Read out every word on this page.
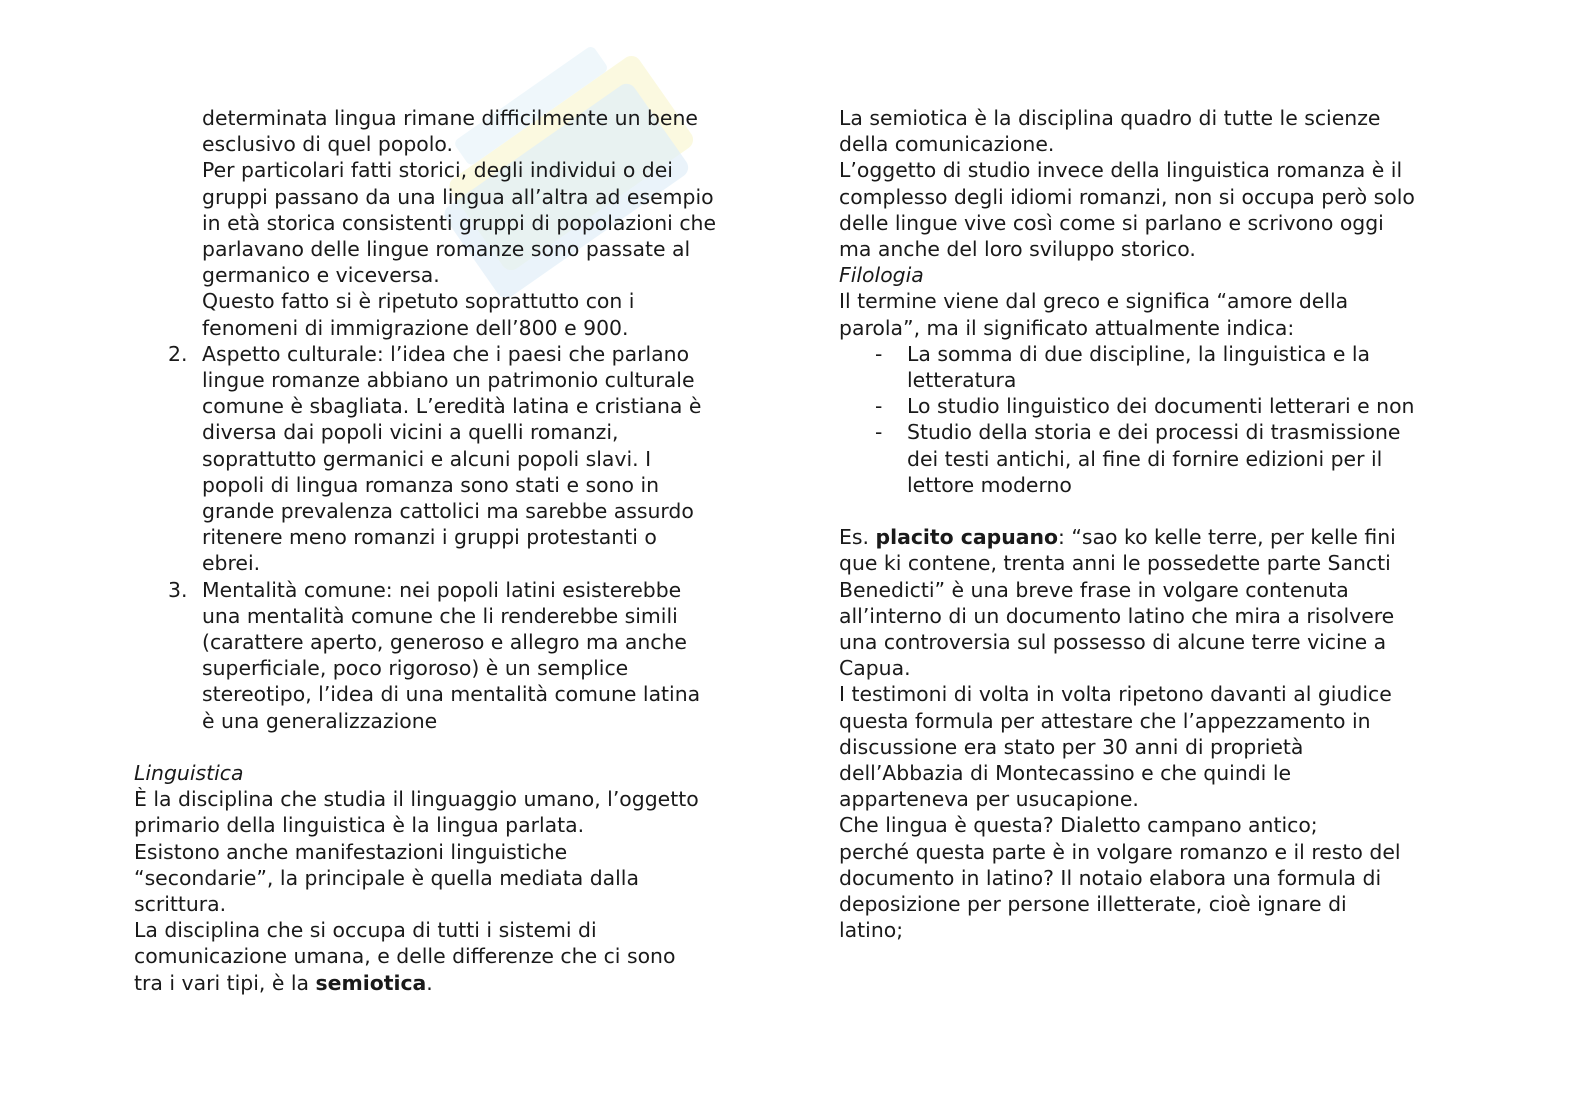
determinata lingua rimane difficilmente un bene
esclusivo di quel popolo.
Per particolari fatti storici, degli individui o dei
gruppi passano da una lingua all’altra ad esempio
in età storica consistenti gruppi di popolazioni che
parlavano delle lingue romanze sono passate al
germanico e viceversa.
Questo fatto si è ripetuto soprattutto con i
fenomeni di immigrazione dell’800 e 900.
2. Aspetto culturale: l’idea che i paesi che parlano
lingue romanze abbiano un patrimonio culturale
comune è sbagliata. L’eredità latina e cristiana è
diversa dai popoli vicini a quelli romanzi,
soprattutto germanici e alcuni popoli slavi. I
popoli di lingua romanza sono stati e sono in
grande prevalenza cattolici ma sarebbe assurdo
ritenere meno romanzi i gruppi protestanti o
ebrei.
3. Mentalità comune: nei popoli latini esisterebbe
una mentalità comune che li renderebbe simili
(carattere aperto, generoso e allegro ma anche
superficiale, poco rigoroso) è un semplice
stereotipo, l’idea di una mentalità comune latina
è una generalizzazione
Linguistica
È la disciplina che studia il linguaggio umano, l’oggetto
primario della linguistica è la lingua parlata.
Esistono anche manifestazioni linguistiche
“secondarie”, la principale è quella mediata dalla
scrittura.
La disciplina che si occupa di tutti i sistemi di
comunicazione umana, e delle differenze che ci sono
tra i vari tipi, è la semiotica.
La semiotica è la disciplina quadro di tutte le scienze
della comunicazione.
L’oggetto di studio invece della linguistica romanza è il
complesso degli idiomi romanzi, non si occupa però solo
delle lingue vive così come si parlano e scrivono oggi
ma anche del loro sviluppo storico.
Filologia
Il termine viene dal greco e significa “amore della
parola”, ma il significato attualmente indica:
- La somma di due discipline, la linguistica e la
letteratura
- Lo studio linguistico dei documenti letterari e non
- Studio della storia e dei processi di trasmissione
dei testi antichi, al fine di fornire edizioni per il
lettore moderno
Es. placito capuano: “sao ko kelle terre, per kelle fini
que ki contene, trenta anni le possedette parte Sancti
Benedicti” è una breve frase in volgare contenuta
all’interno di un documento latino che mira a risolvere
una controversia sul possesso di alcune terre vicine a
Capua.
I testimoni di volta in volta ripetono davanti al giudice
questa formula per attestare che l’appezzamento in
discussione era stato per 30 anni di proprietà
dell’Abbazia di Montecassino e che quindi le
apparteneva per usucapione.
Che lingua è questa? Dialetto campano antico;
perché questa parte è in volgare romanzo e il resto del
documento in latino? Il notaio elabora una formula di
deposizione per persone illetterate, cioè ignare di
latino;
